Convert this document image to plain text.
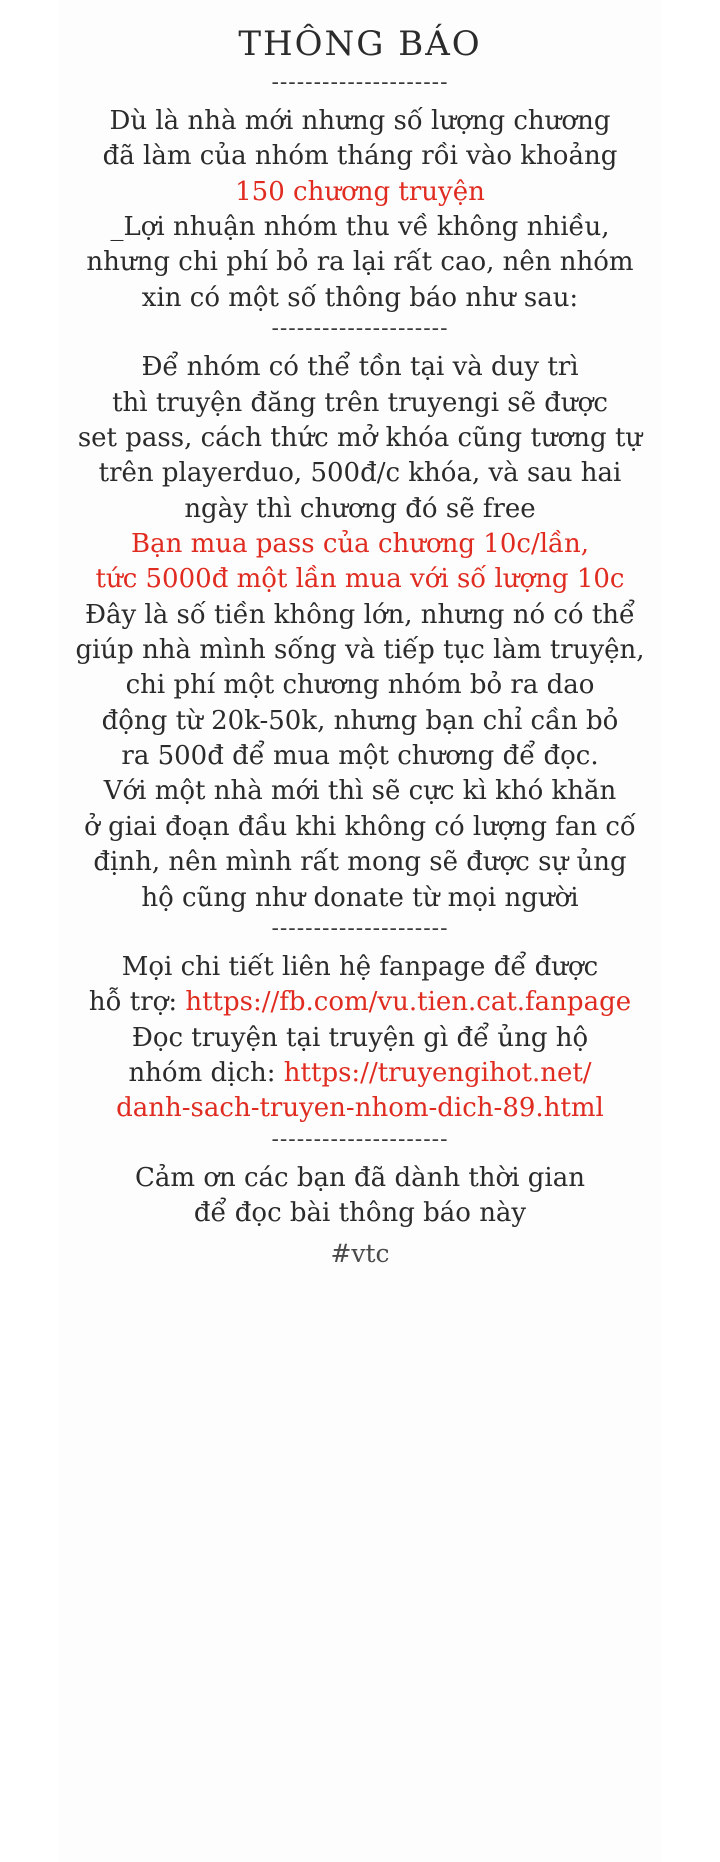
THÔNG BÁO
---------------------
Dù là nhà mới nhưng số lượng chương
đã làm của nhóm tháng rồi vào khoảng
150 chương truyện
_Lợi nhuận nhóm thu về không nhiều,
nhưng chi phí bỏ ra lại rất cao, nên nhóm
xin có một số thông báo như sau:
---------------------
Để nhóm có thể tồn tại và duy trì
thì truyện đăng trên truyengi sẽ được
set pass, cách thức mở khóa cũng tương tự
trên playerduo, 500đ/c khóa, và sau hai
ngày thì chương đó sẽ free
Bạn mua pass của chương 10c/lần,
tức 5000đ một lần mua với số lượng 10c
Đây là số tiền không lớn, nhưng nó có thể
giúp nhà mình sống và tiếp tục làm truyện,
chi phí một chương nhóm bỏ ra dao
động từ 20k-50k, nhưng bạn chỉ cần bỏ
ra 500đ để mua một chương để đọc.
Với một nhà mới thì sẽ cực kì khó khăn
ở giai đoạn đầu khi không có lượng fan cố
định, nên mình rất mong sẽ được sự ủng
hộ cũng như donate từ mọi người
---------------------
Mọi chi tiết liên hệ fanpage để được
hỗ trợ: https://fb.com/vu.tien.cat.fanpage
Đọc truyện tại truyện gì để ủng hộ
nhóm dịch: https://truyengihot.net/
danh-sach-truyen-nhom-dich-89.html
---------------------
Cảm ơn các bạn đã dành thời gian
để đọc bài thông báo này
#vtc
